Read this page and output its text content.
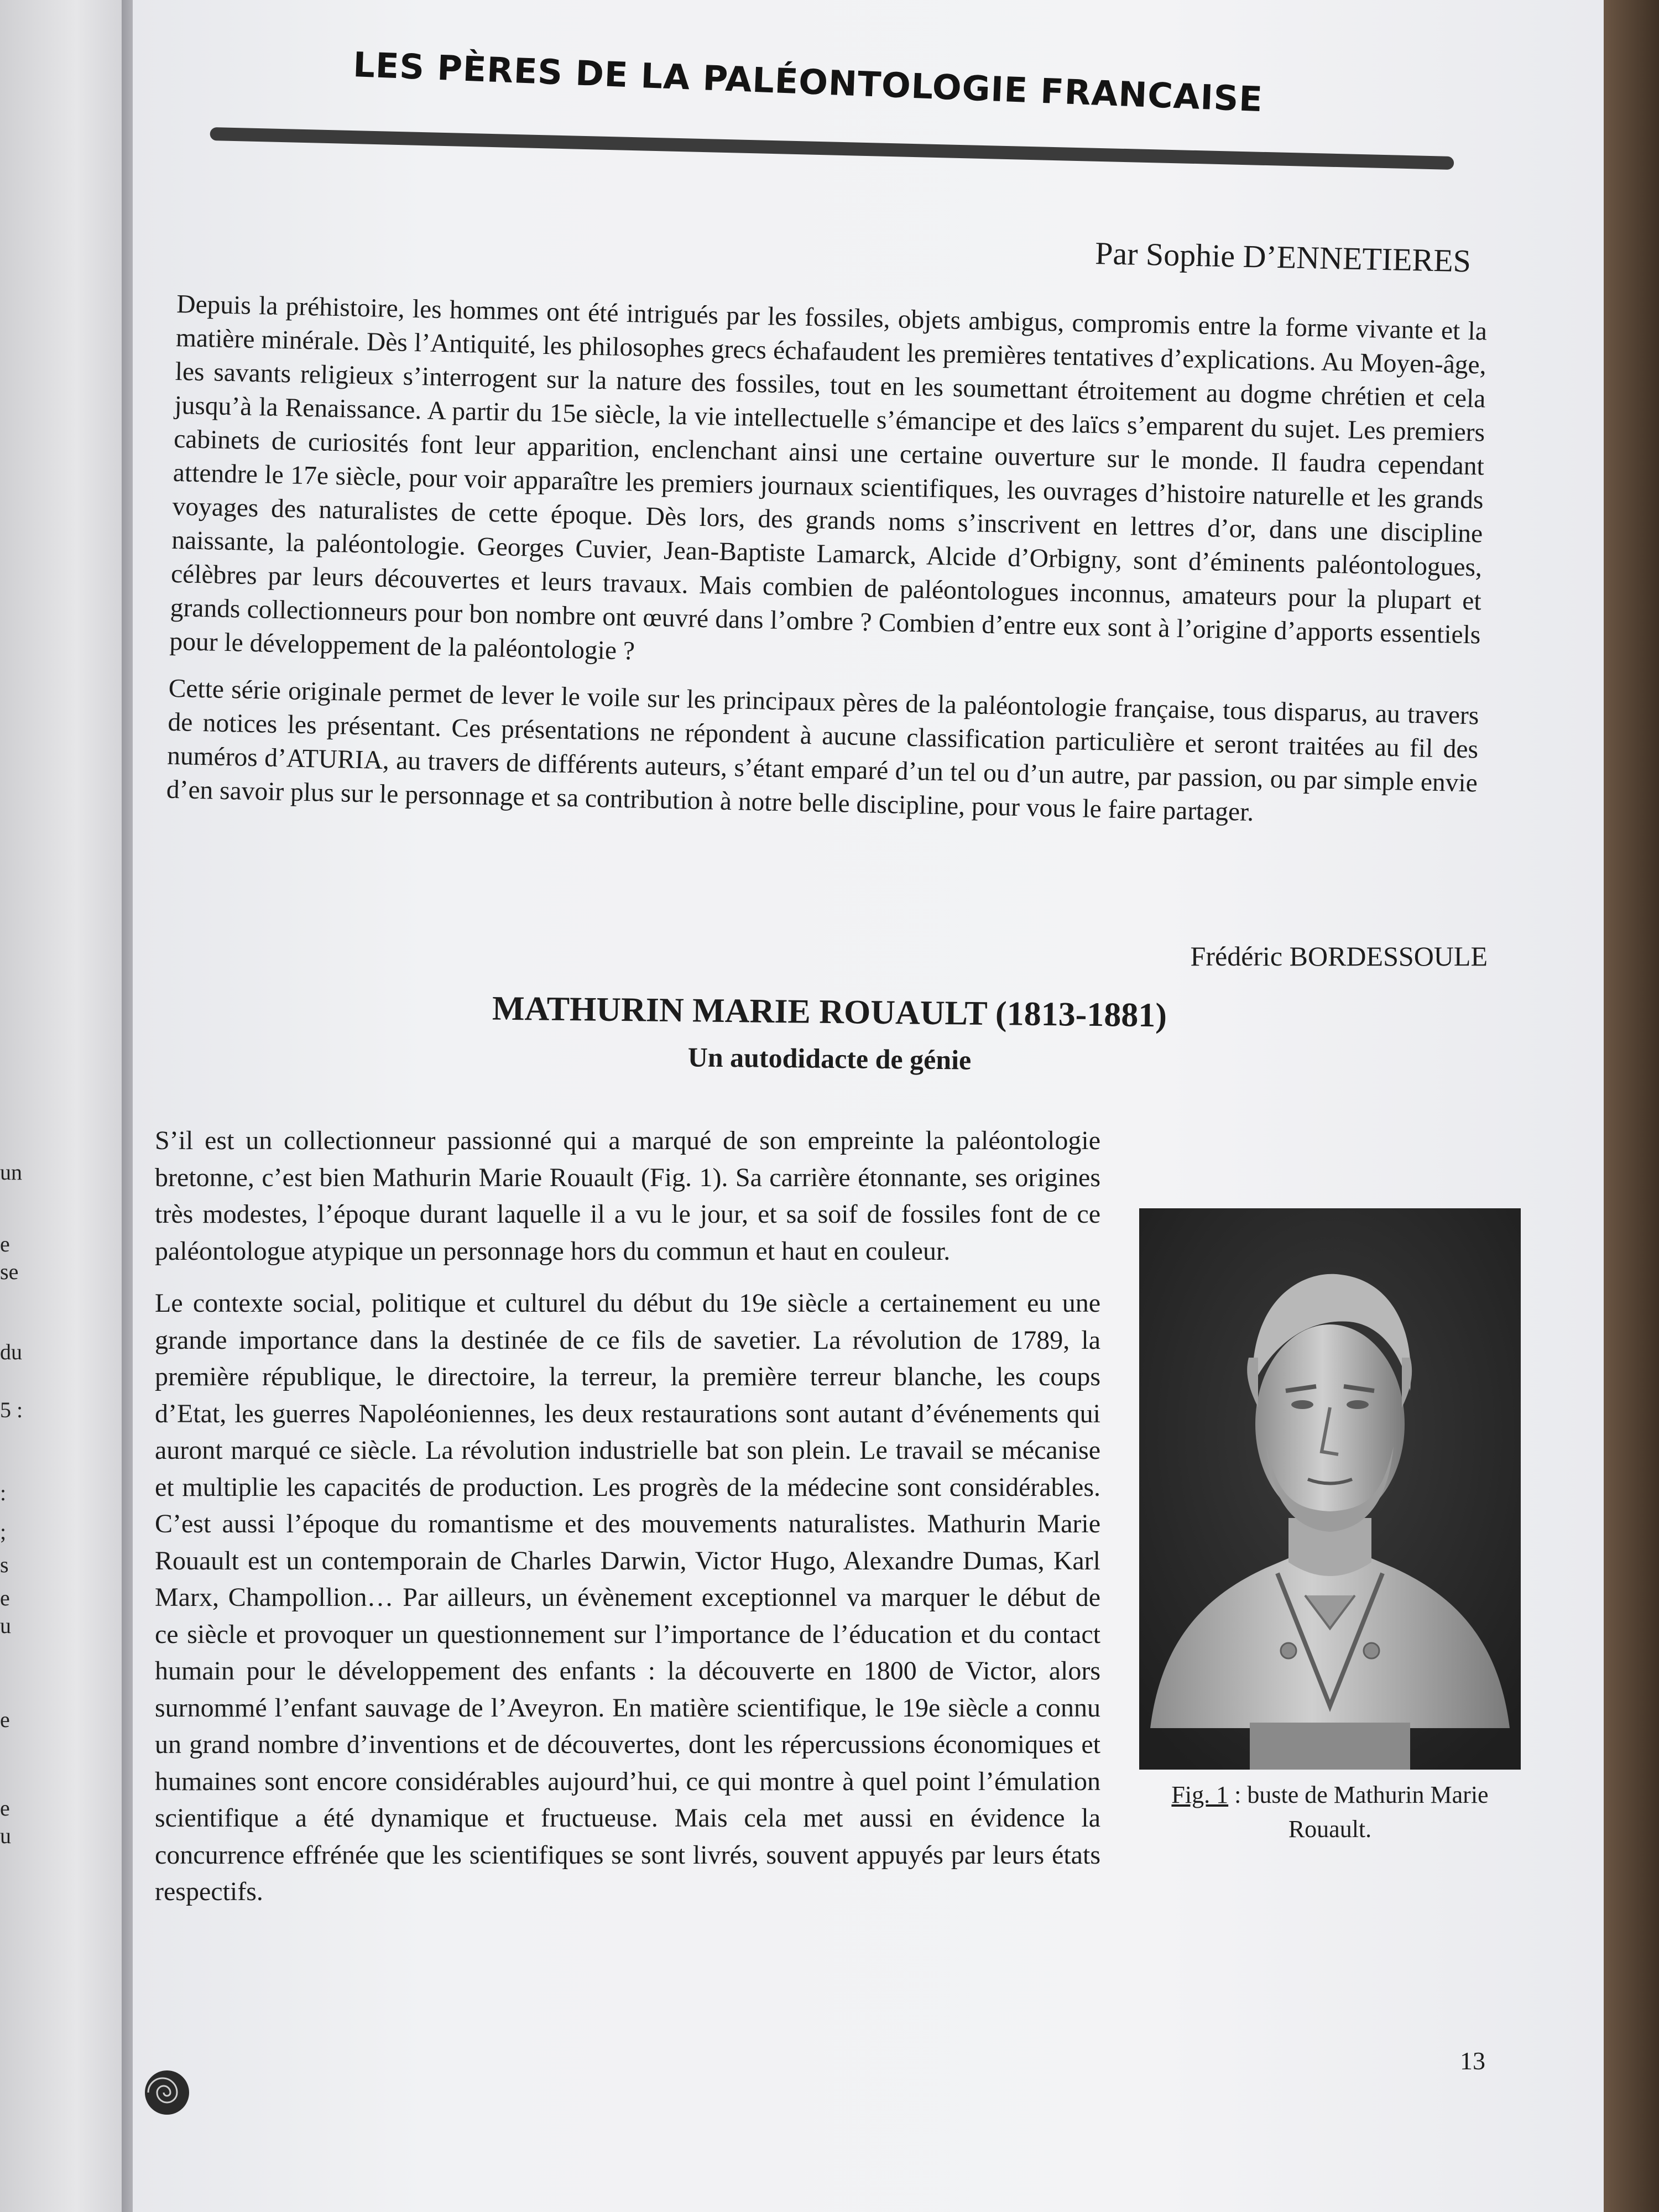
un
e
se
du
5 :
:
;
s
e
u
e
e
u
LES PÈRES DE LA PALÉONTOLOGIE FRANCAISE
Par Sophie D’ENNETIERES

Depuis la préhistoire, les hommes ont été intrigués par les fossiles, objets ambigus, compromis entre la forme vivante et la matière minérale. Dès l’Antiquité, les philosophes grecs échafaudent les premières tentatives d’explications. Au Moyen-âge, les savants religieux s’interrogent sur la nature des fossiles, tout en les soumettant étroitement au dogme chrétien et cela jusqu’à la Renaissance. A partir du 15e siècle, la vie intellectuelle s’émancipe et des laïcs s’emparent du sujet. Les premiers cabinets de curiosités font leur apparition, enclenchant ainsi une certaine ouverture sur le monde. Il faudra cependant attendre le 17e siècle, pour voir apparaître les premiers journaux scientifiques, les ouvrages d’histoire naturelle et les grands voyages des naturalistes de cette époque. Dès lors, des grands noms s’inscrivent en lettres d’or, dans une discipline naissante, la paléontologie. Georges Cuvier, Jean-Baptiste Lamarck, Alcide d’Orbigny, sont d’éminents paléontologues, célèbres par leurs découvertes et leurs travaux. Mais combien de paléontologues inconnus, amateurs pour la plupart et grands collectionneurs pour bon nombre ont œuvré dans l’ombre ? Combien d’entre eux sont à l’origine d’apports essentiels pour le développement de la paléontologie ?

Cette série originale permet de lever le voile sur les principaux pères de la paléontologie française, tous disparus, au travers de notices les présentant. Ces présentations ne répondent à aucune classification particulière et seront traitées au fil des numéros d’ATURIA, au travers de différents auteurs, s’étant emparé d’un tel ou d’un autre, par passion, ou par simple envie d’en savoir plus sur le personnage et sa contribution à notre belle discipline, pour vous le faire partager.

Frédéric BORDESSOULE
MATHURIN MARIE ROUAULT (1813-1881)
Un autodidacte de génie

S’il est un collectionneur passionné qui a marqué de son empreinte la paléontologie bretonne, c’est bien Mathurin Marie Rouault (Fig. 1). Sa carrière étonnante, ses origines très modestes, l’époque durant laquelle il a vu le jour, et sa soif de fossiles font de ce paléontologue atypique un personnage hors du commun et haut en couleur.

Le contexte social, politique et culturel du début du 19e siècle a certainement eu une grande importance dans la destinée de ce fils de savetier. La révolution de 1789, la première république, le directoire, la terreur, la première terreur blanche, les coups d’Etat, les guerres Napoléoniennes, les deux restaurations sont autant d’événements qui auront marqué ce siècle. La révolution industrielle bat son plein. Le travail se mécanise et multiplie les capacités de production. Les progrès de la médecine sont considérables. C’est aussi l’époque du romantisme et des mouvements naturalistes. Mathurin Marie Rouault est un contemporain de Charles Darwin, Victor Hugo, Alexandre Dumas, Karl Marx, Champollion… Par ailleurs, un évènement exceptionnel va marquer le début de ce siècle et provoquer un questionnement sur l’importance de l’éducation et du contact humain pour le développement des enfants : la découverte en 1800 de Victor, alors surnommé l’enfant sauvage de l’Aveyron. En matière scientifique, le 19e siècle a connu un grand nombre d’inventions et de découvertes, dont les répercussions économiques et humaines sont encore considérables aujourd’hui, ce qui montre à quel point l’émulation scientifique a été dynamique et fructueuse. Mais cela met aussi en évidence la concurrence effrénée que les scientifiques se sont livrés, souvent appuyés par leurs états respectifs.

Fig. 1 : buste de Mathurin Marie Rouault.
13
